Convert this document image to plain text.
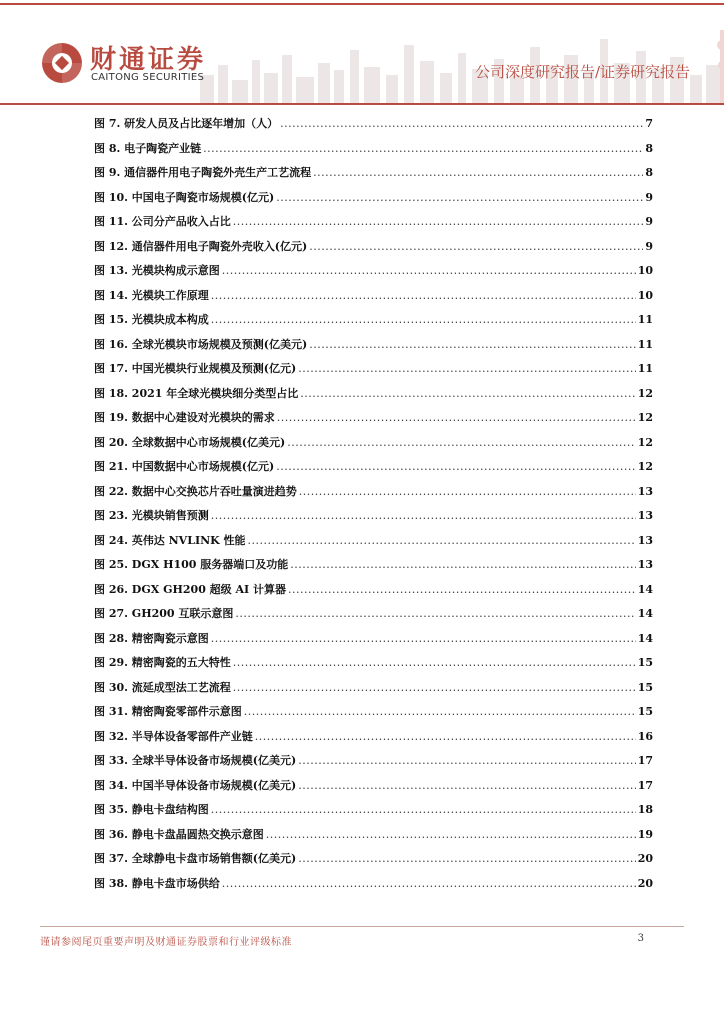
财通证券
CAITONG SECURITIES	公司深度研究报告/证券研究报告
图 7. 研发人员及占比逐年增加（人） .....	7
图 8. 电子陶瓷产业链 .....	8
图 9. 通信器件用电子陶瓷外壳生产工艺流程 .....	8
图 10. 中国电子陶瓷市场规模(亿元) .....	9
图 11. 公司分产品收入占比 .....	9
图 12. 通信器件用电子陶瓷外壳收入(亿元) .....	9
图 13. 光模块构成示意图 .....	10
图 14. 光模块工作原理 .....	10
图 15. 光模块成本构成 .....	11
图 16. 全球光模块市场规模及预测(亿美元) .....	11
图 17. 中国光模块行业规模及预测(亿元) .....	11
图 18. 2021 年全球光模块细分类型占比 .....	12
图 19. 数据中心建设对光模块的需求 .....	12
图 20. 全球数据中心市场规模(亿美元) .....	12
图 21. 中国数据中心市场规模(亿元) .....	12
图 22. 数据中心交换芯片吞吐量演进趋势 .....	13
图 23. 光模块销售预测 .....	13
图 24. 英伟达 NVLINK 性能 .....	13
图 25. DGX H100 服务器端口及功能 .....	13
图 26. DGX GH200 超级 AI 计算器 .....	14
图 27. GH200 互联示意图 .....	14
图 28. 精密陶瓷示意图 .....	14
图 29. 精密陶瓷的五大特性 .....	15
图 30. 流延成型法工艺流程 .....	15
图 31. 精密陶瓷零部件示意图 .....	15
图 32. 半导体设备零部件产业链 .....	16
图 33. 全球半导体设备市场规模(亿美元) .....	17
图 34. 中国半导体设备市场规模(亿美元) .....	17
图 35. 静电卡盘结构图 .....	18
图 36. 静电卡盘晶圆热交换示意图 .....	19
图 37. 全球静电卡盘市场销售额(亿美元) .....	20
图 38. 静电卡盘市场供给 .....	20
谨请参阅尾页重要声明及财通证券股票和行业评级标准	3
